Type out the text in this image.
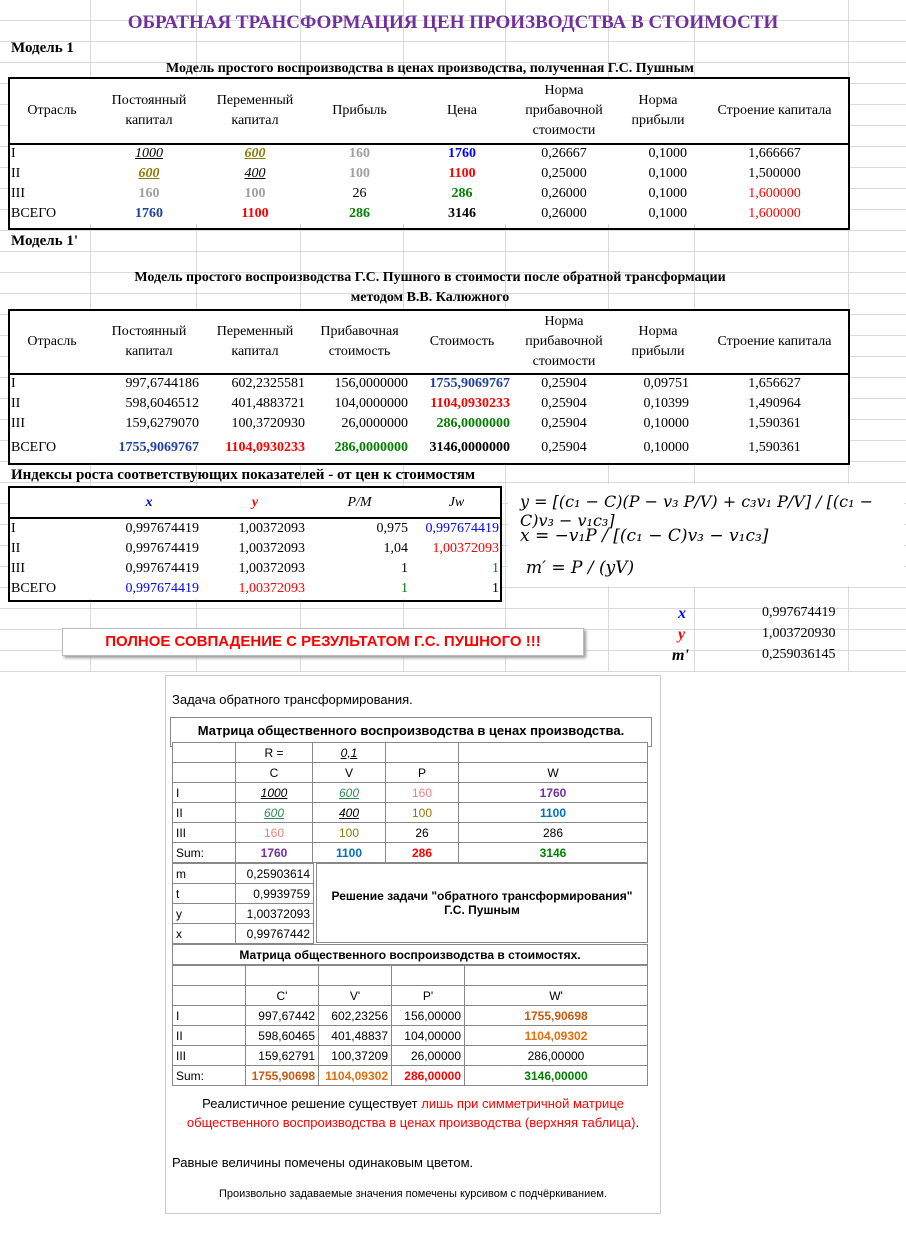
ОБРАТНАЯ ТРАНСФОРМАЦИЯ ЦЕН ПРОИЗВОДСТВА В СТОИМОСТИ
Модель 1
Модель простого воспроизводства в ценах производства, полученная Г.С. Пушным
Отрасль	Постоянный капитал	Переменный капитал	Прибыль	Цена	Норма прибавочной стоимости	Норма прибыли	Строение капитала
I	1000	600	160	1760	0,26667	0,1000	1,666667
II	600	400	100	1100	0,25000	0,1000	1,500000
III	160	100	26	286	0,26000	0,1000	1,600000
ВСЕГО	1760	1100	286	3146	0,26000	0,1000	1,600000
Модель 1'
Модель простого воспроизводства Г.С. Пушного в стоимости после обратной трансформации
методом В.В. Калюжного
Отрасль	Постоянный капитал	Переменный капитал	Прибавочная стоимость	Стоимость	Норма прибавочной стоимости	Норма прибыли	Строение капитала
I	997,6744186	602,2325581	156,0000000	1755,9069767	0,25904	0,09751	1,656627
II	598,6046512	401,4883721	104,0000000	1104,0930233	0,25904	0,10399	1,490964
III	159,6279070	100,3720930	26,0000000	286,0000000	0,25904	0,10000	1,590361
ВСЕГО	1755,9069767	1104,0930233	286,0000000	3146,0000000	0,25904	0,10000	1,590361
Индексы роста соответствующих показателей - от цен к стоимостям
	x	y	P/M	Jw
I	0,997674419	1,00372093	0,975	0,997674419
II	0,997674419	1,00372093	1,04	1,00372093
III	0,997674419	1,00372093	1	1
ВСЕГО	0,997674419	1,00372093	1	1
y = [(c₁ − C)(P − v₃ P/V) + c₃v₁ P/V] / [(c₁ − C)v₃ − v₁c₃]
x = −v₁P / [(c₁ − C)v₃ − v₁c₃]
m′ = P / (yV)
x	0,997674419
y	1,003720930
m'	0,259036145
ПОЛНОЕ СОВПАДЕНИЕ С РЕЗУЛЬТАТОМ Г.С. ПУШНОГО !!!
Задача обратного трансформирования.
Матрица общественного воспроизводства в ценах производства.
	R =	0,1		
	C	V	P	W
I	1000	600	160	1760
II	600	400	100	1100
III	160	100	26	286
Sum:	1760	1100	286	3146
m	0,25903614
t	0,9939759
y	1,00372093
x	0,99767442
Решение задачи "обратного трансформирования" Г.С. Пушным
Матрица общественного воспроизводства в стоимостях.

	C'	V'	P'	W'
I	997,67442	602,23256	156,00000	1755,90698
II	598,60465	401,48837	104,00000	1104,09302
III	159,62791	100,37209	26,00000	286,00000
Sum:	1755,90698	1104,09302	286,00000	3146,00000
Реалистичное решение существует лишь при симметричной матрице общественного воспроизводства в ценах производства (верхняя таблица).
Равные величины помечены одинаковым цветом.
Произвольно задаваемые значения помечены курсивом с подчёркиванием.
